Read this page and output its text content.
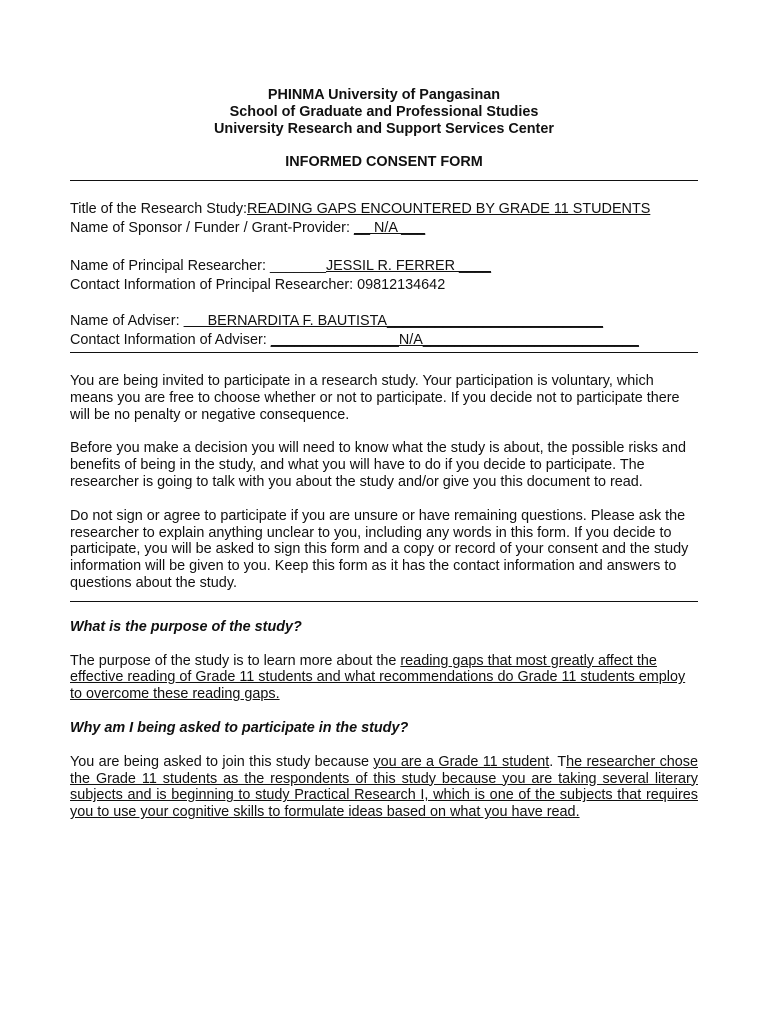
PHINMA University of Pangasinan
School of Graduate and Professional Studies
University Research and Support Services Center
INFORMED CONSENT FORM
Title of the Research Study:READING GAPS ENCOUNTERED BY GRADE 11 STUDENTS
Name of Sponsor / Funder / Grant-Provider: __ N/A ___
Name of Principal Researcher: _______JESSIL R. FERRER ____
Contact Information of Principal Researcher: 09812134642
Name of Adviser:       BERNARDITA F. BAUTISTA___________________________
Contact Information of Adviser: ________________N/A___________________________

You are being invited to participate in a research study. Your participation is voluntary, which means you are free to choose whether or not to participate. If you decide not to participate there will be no penalty or negative consequence.

Before you make a decision you will need to know what the study is about, the possible risks and benefits of being in the study, and what you will have to do if you decide to participate. The researcher is going to talk with you about the study and/or give you this document to read.

Do not sign or agree to participate if you are unsure or have remaining questions. Please ask the researcher to explain anything unclear to you, including any words in this form. If you decide to participate, you will be asked to sign this form and a copy or record of your consent and the study information will be given to you. Keep this form as it has the contact information and answers to questions about the study.

What is the purpose of the study?

The purpose of the study is to learn more about the reading gaps that most greatly affect the effective reading of Grade 11 students and what recommendations do Grade 11 students employ to overcome these reading gaps.

Why am I being asked to participate in the study?

You are being asked to join this study because you are a Grade 11 student. The researcher chose the Grade 11 students as the respondents of this study because you are taking several literary subjects and is beginning to study Practical Research I, which is one of the subjects that requires you to use your cognitive skills to formulate ideas based on what you have read.
